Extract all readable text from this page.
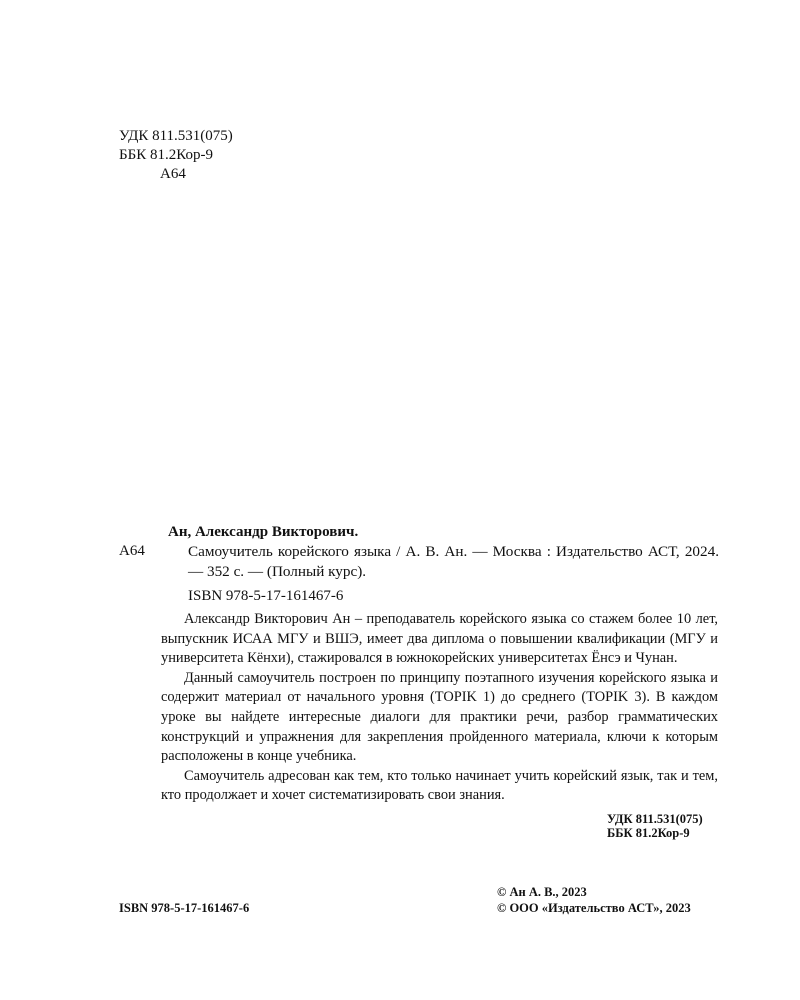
УДК 811.531(075)
ББК 81.2Кор-9
А64
Ан, Александр Викторович.
А64	Самоучитель корейского языка / А. В. Ан. — Москва : Издательство АСТ, 2024. — 352 с. — (Полный курс).
ISBN 978-5-17-161467-6

Александр Викторович Ан – преподаватель корейского языка со стажем более 10 лет, выпускник ИСАА МГУ и ВШЭ, имеет два диплома о повышении квалификации (МГУ и университета Кёнхи), стажировался в южнокорейских университетах Ёнсэ и Чунан.

Данный самоучитель построен по принципу поэтапного изучения корейского языка и содержит материал от начального уровня (TOPIK 1) до среднего (TOPIK 3). В каждом уроке вы найдете интересные диалоги для практики речи, разбор грамматических конструкций и упражнения для закрепления пройденного материала, ключи к которым расположены в конце учебника.

Самоучитель адресован как тем, кто только начинает учить корейский язык, так и тем, кто продолжает и хочет систематизировать свои знания.

УДК 811.531(075)
ББК 81.2Кор-9
ISBN 978-5-17-161467-6
© Ан А. В., 2023
© ООО «Издательство АСТ», 2023
